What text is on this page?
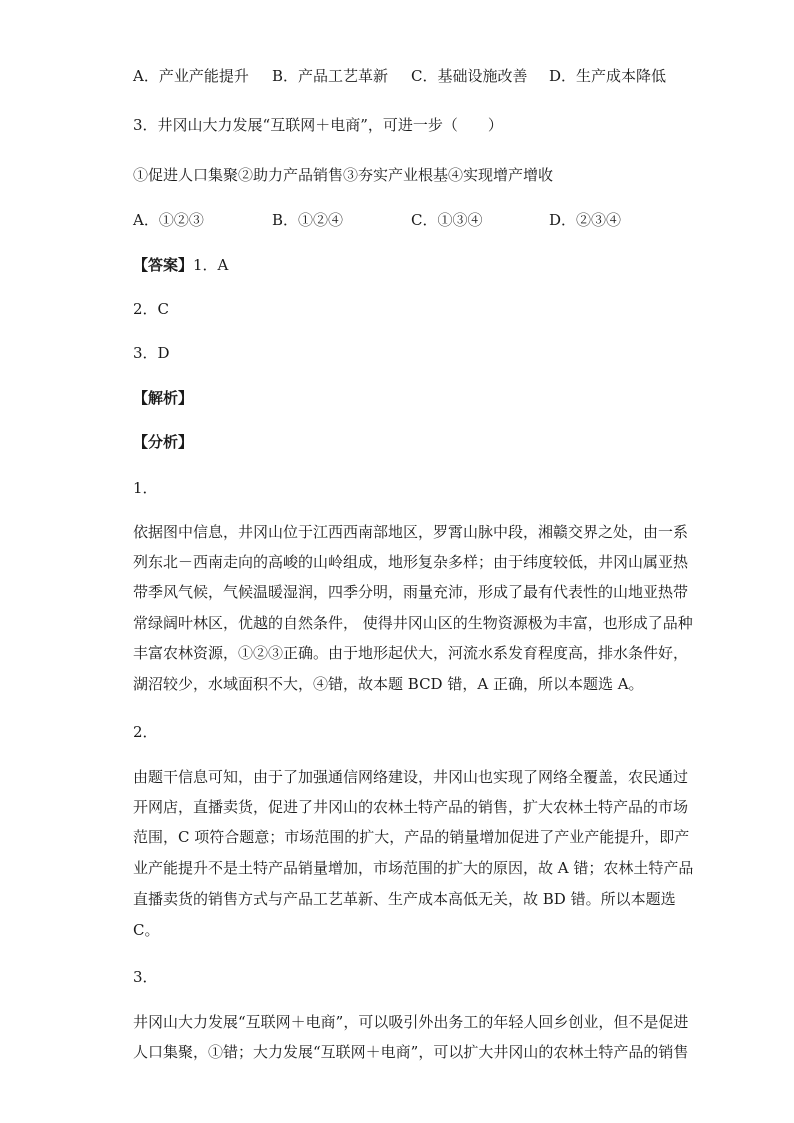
A．产业产能提升 B．产品工艺革新 C．基础设施改善 D．生产成本降低
3．井冈山大力发展“互联网＋电商”，可进一步（　　）
①促进人口集聚②助力产品销售③夯实产业根基④实现增产增收
A．①②③	B．①②④	C．①③④	D．②③④
【答案】1．A
2．C
3．D
【解析】
【分析】
1．
依据图中信息，井冈山位于江西西南部地区，罗霄山脉中段，湘赣交界之处，由一系
列东北－西南走向的高峻的山岭组成，地形复杂多样；由于纬度较低，井冈山属亚热
带季风气候，气候温暖湿润，四季分明，雨量充沛，形成了最有代表性的山地亚热带
常绿阔叶林区，优越的自然条件， 使得井冈山区的生物资源极为丰富，也形成了品种
丰富农林资源，①②③正确。由于地形起伏大，河流水系发育程度高，排水条件好，
湖沼较少，水域面积不大，④错，故本题 BCD 错，A 正确，所以本题选 A。
2．
由题干信息可知，由于了加强通信网络建设，井冈山也实现了网络全覆盖，农民通过
开网店，直播卖货，促进了井冈山的农林土特产品的销售，扩大农林土特产品的市场
范围，C 项符合题意；市场范围的扩大，产品的销量增加促进了产业产能提升，即产
业产能提升不是土特产品销量增加，市场范围的扩大的原因，故 A 错；农林土特产品
直播卖货的销售方式与产品工艺革新、生产成本高低无关，故 BD 错。所以本题选
C。
3．
井冈山大力发展“互联网＋电商”，可以吸引外出务工的年轻人回乡创业，但不是促进
人口集聚，①错；大力发展“互联网＋电商”，可以扩大井冈山的农林土特产品的销售
